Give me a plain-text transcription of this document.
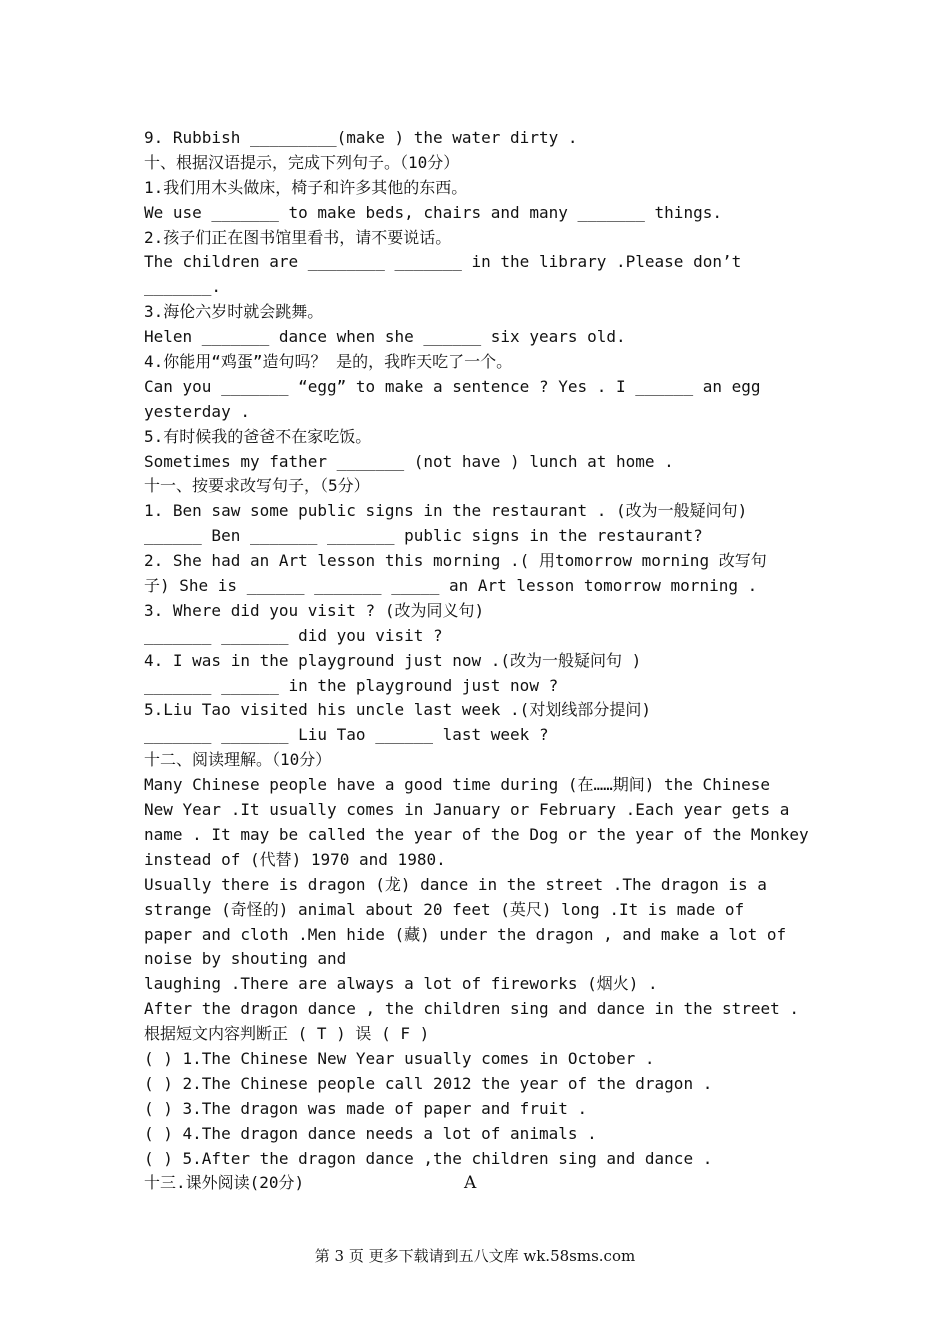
9. Rubbish _________(make ) the water dirty .
十、根据汉语提示，完成下列句子。（10分）
1.我们用木头做床，椅子和许多其他的东西。
We use _______ to make beds, chairs and many _______ things.
2.孩子们正在图书馆里看书，请不要说话。
The children are ________ _______ in the library .Please don’t
_______.
3.海伦六岁时就会跳舞。
Helen _______ dance when she ______ six years old.
4.你能用“鸡蛋”造句吗？ 是的，我昨天吃了一个。
Can you _______ “egg” to make a sentence ? Yes . I ______ an egg
yesterday .
5.有时候我的爸爸不在家吃饭。
Sometimes my father _______ (not have ) lunch at home .
十一、按要求改写句子，（5分）
1. Ben saw some public signs in the restaurant . (改为一般疑问句)
______ Ben _______ _______ public signs in the restaurant?
2. She had an Art lesson this morning .( 用tomorrow morning 改写句
子) She is ______ _______ _____ an Art lesson tomorrow morning .
3. Where did you visit ? (改为同义句)
_______ _______ did you visit ?
4. I was in the playground just now .(改为一般疑问句 )
_______ ______ in the playground just now ?
5.Liu Tao visited his uncle last week .(对划线部分提问)
_______ _______ Liu Tao ______ last week ?
十二、阅读理解。（10分）
Many Chinese people have a good time during (在……期间) the Chinese
New Year .It usually comes in January or February .Each year gets a
name . It may be called the year of the Dog or the year of the Monkey
instead of (代替) 1970 and 1980.
Usually there is dragon (龙) dance in the street .The dragon is a
strange (奇怪的) animal about 20 feet (英尺) long .It is made of
paper and cloth .Men hide (藏) under the dragon , and make a lot of
noise by shouting and
laughing .There are always a lot of fireworks (烟火) .
After the dragon dance , the children sing and dance in the street .
根据短文内容判断正 ( T ) 误 ( F )
( ) 1.The Chinese New Year usually comes in October .
( ) 2.The Chinese people call 2012 the year of the dragon .
( ) 3.The dragon was made of paper and fruit .
( ) 4.The dragon dance needs a lot of animals .
( ) 5.After the dragon dance ,the children sing and dance .
十三.课外阅读(20分)	A
第 3 页 更多下载请到五八文库 wk.58sms.com
